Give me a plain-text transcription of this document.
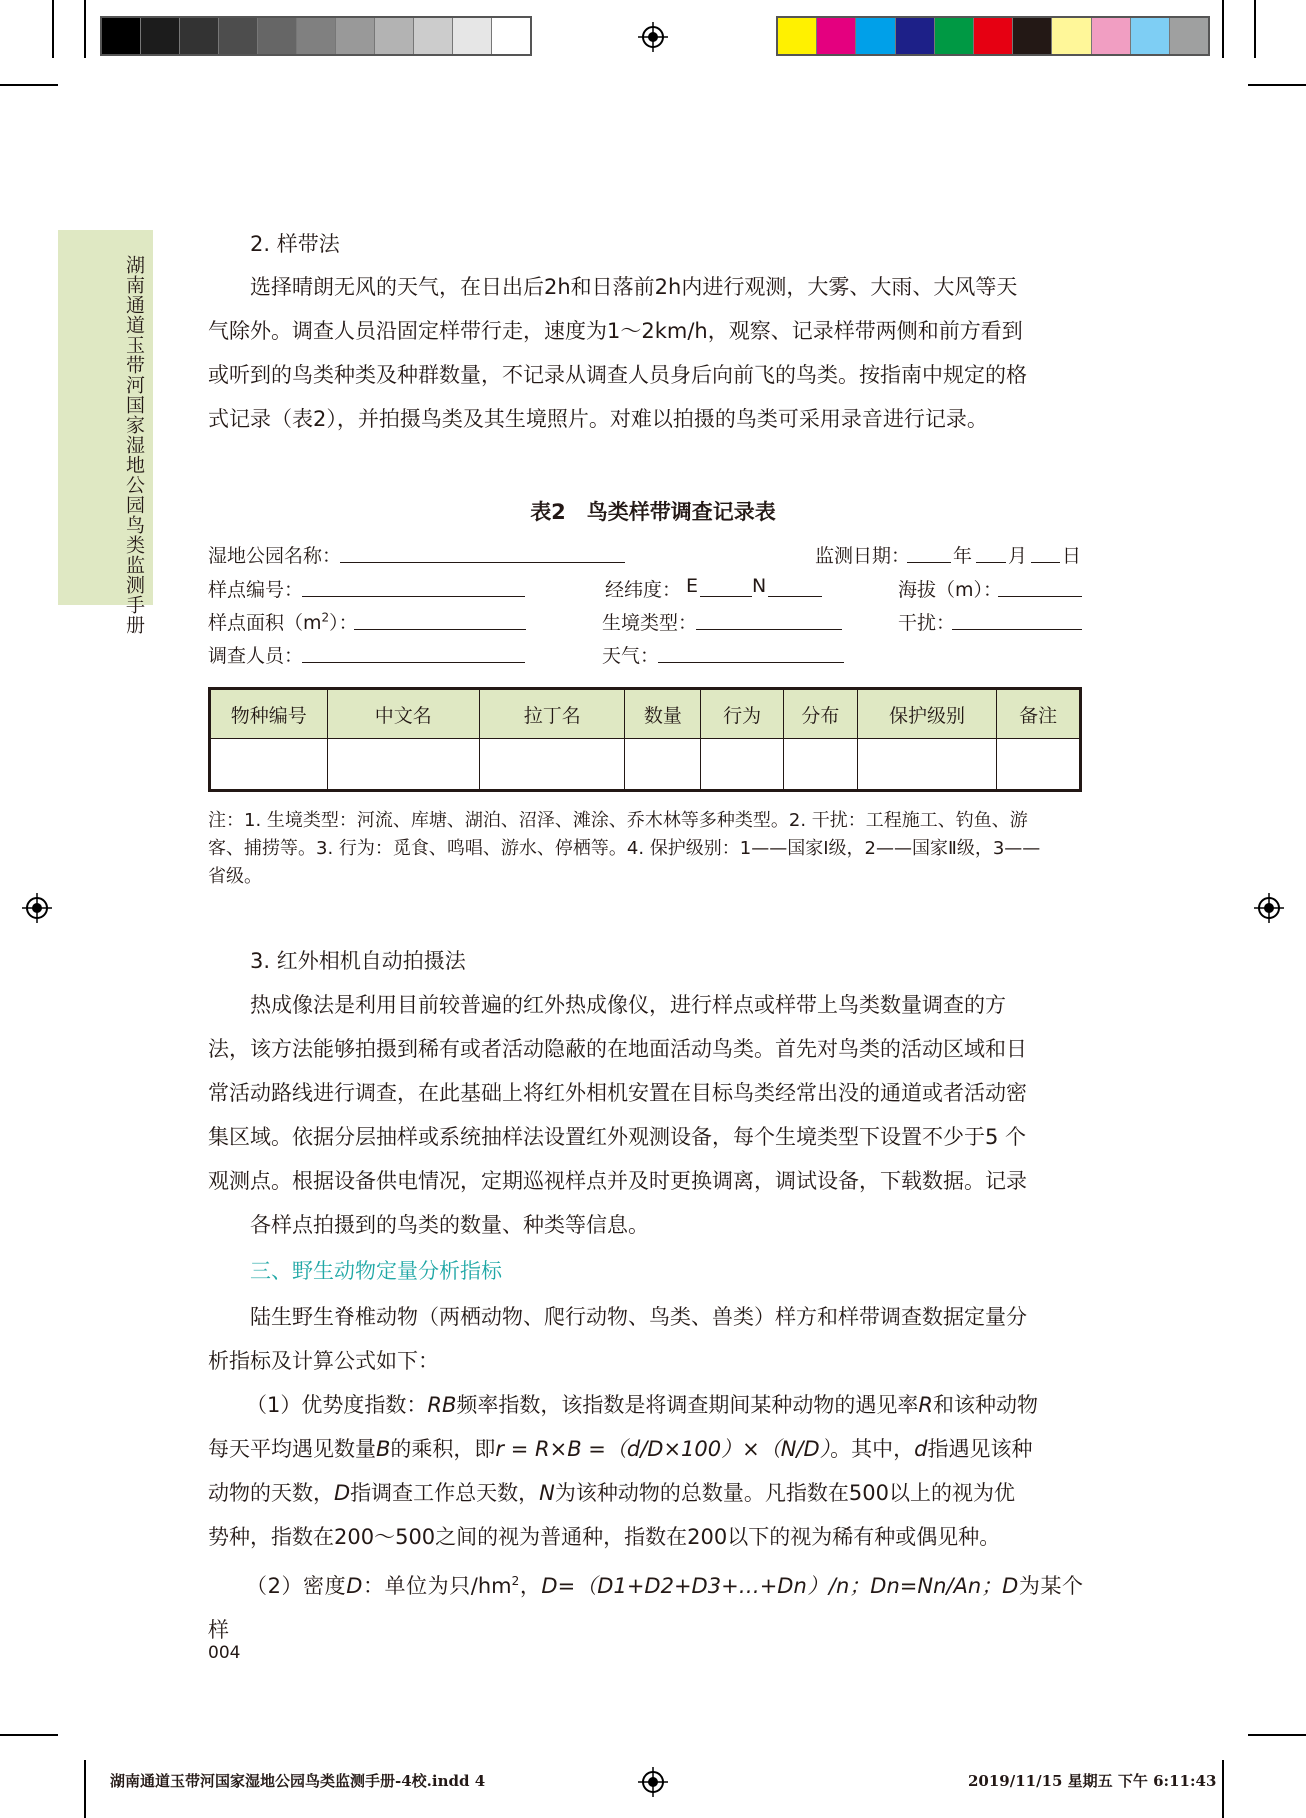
湖南通道玉带河国家湿地公园鸟类监测手册
2. 样带法

选择晴朗无风的天气，在日出后2h和日落前2h内进行观测，大雾、大雨、大风等天

气除外。调查人员沿固定样带行走，速度为1～2km/h，观察、记录样带两侧和前方看到

或听到的鸟类种类及种群数量，不记录从调查人员身后向前飞的鸟类。按指南中规定的格

式记录（表2），并拍摄鸟类及其生境照片。对难以拍摄的鸟类可采用录音进行记录。

表2　鸟类样带调查记录表
湿地公园名称：	监测日期： 年 月 日
样点编号：	经纬度： E	N	海拔（m）：
样点面积$(m^2)$：	生境类型：	干扰：
调查人员：	天气：
物种编号	中文名	拉丁名	数量	行为	分布	保护级别	备注

注：1. 生境类型：河流、库塘、湖泊、沼泽、滩涂、乔木林等多种类型。2. 干扰：工程施工、钓鱼、游
客、捕捞等。3. 行为：觅食、鸣唱、游水、停栖等。4. 保护级别：1——国家Ⅰ级，2——国家Ⅱ级，3——
省级。
3. 红外相机自动拍摄法

热成像法是利用目前较普遍的红外热成像仪，进行样点或样带上鸟类数量调查的方

法，该方法能够拍摄到稀有或者活动隐蔽的在地面活动鸟类。首先对鸟类的活动区域和日

常活动路线进行调查，在此基础上将红外相机安置在目标鸟类经常出没的通道或者活动密

集区域。依据分层抽样或系统抽样法设置红外观测设备，每个生境类型下设置不少于5 个

观测点。根据设备供电情况，定期巡视样点并及时更换调离，调试设备，下载数据。记录

各样点拍摄到的鸟类的数量、种类等信息。

三、野生动物定量分析指标

陆生野生脊椎动物（两栖动物、爬行动物、鸟类、兽类）样方和样带调查数据定量分

析指标及计算公式如下：

（1）优势度指数：RB频率指数，该指数是将调查期间某种动物的遇见率R和该种动物

每天平均遇见数量B的乘积，即r = R×B =（d/D×100）×（N/D）。其中，d指遇见该种

动物的天数，D指调查工作总天数，N为该种动物的总数量。凡指数在500以上的视为优

势种，指数在200～500之间的视为普通种，指数在200以下的视为稀有种或偶见种。

（2）密度D：单位为只$/hm^2$，D=（D1+D2+D3+…+Dn）/n；Dn=Nn/An；D为某个样

004
湖南通道玉带河国家湿地公园鸟类监测手册-4校.indd 4	2019/11/15 星期五 下午 6:11:43
